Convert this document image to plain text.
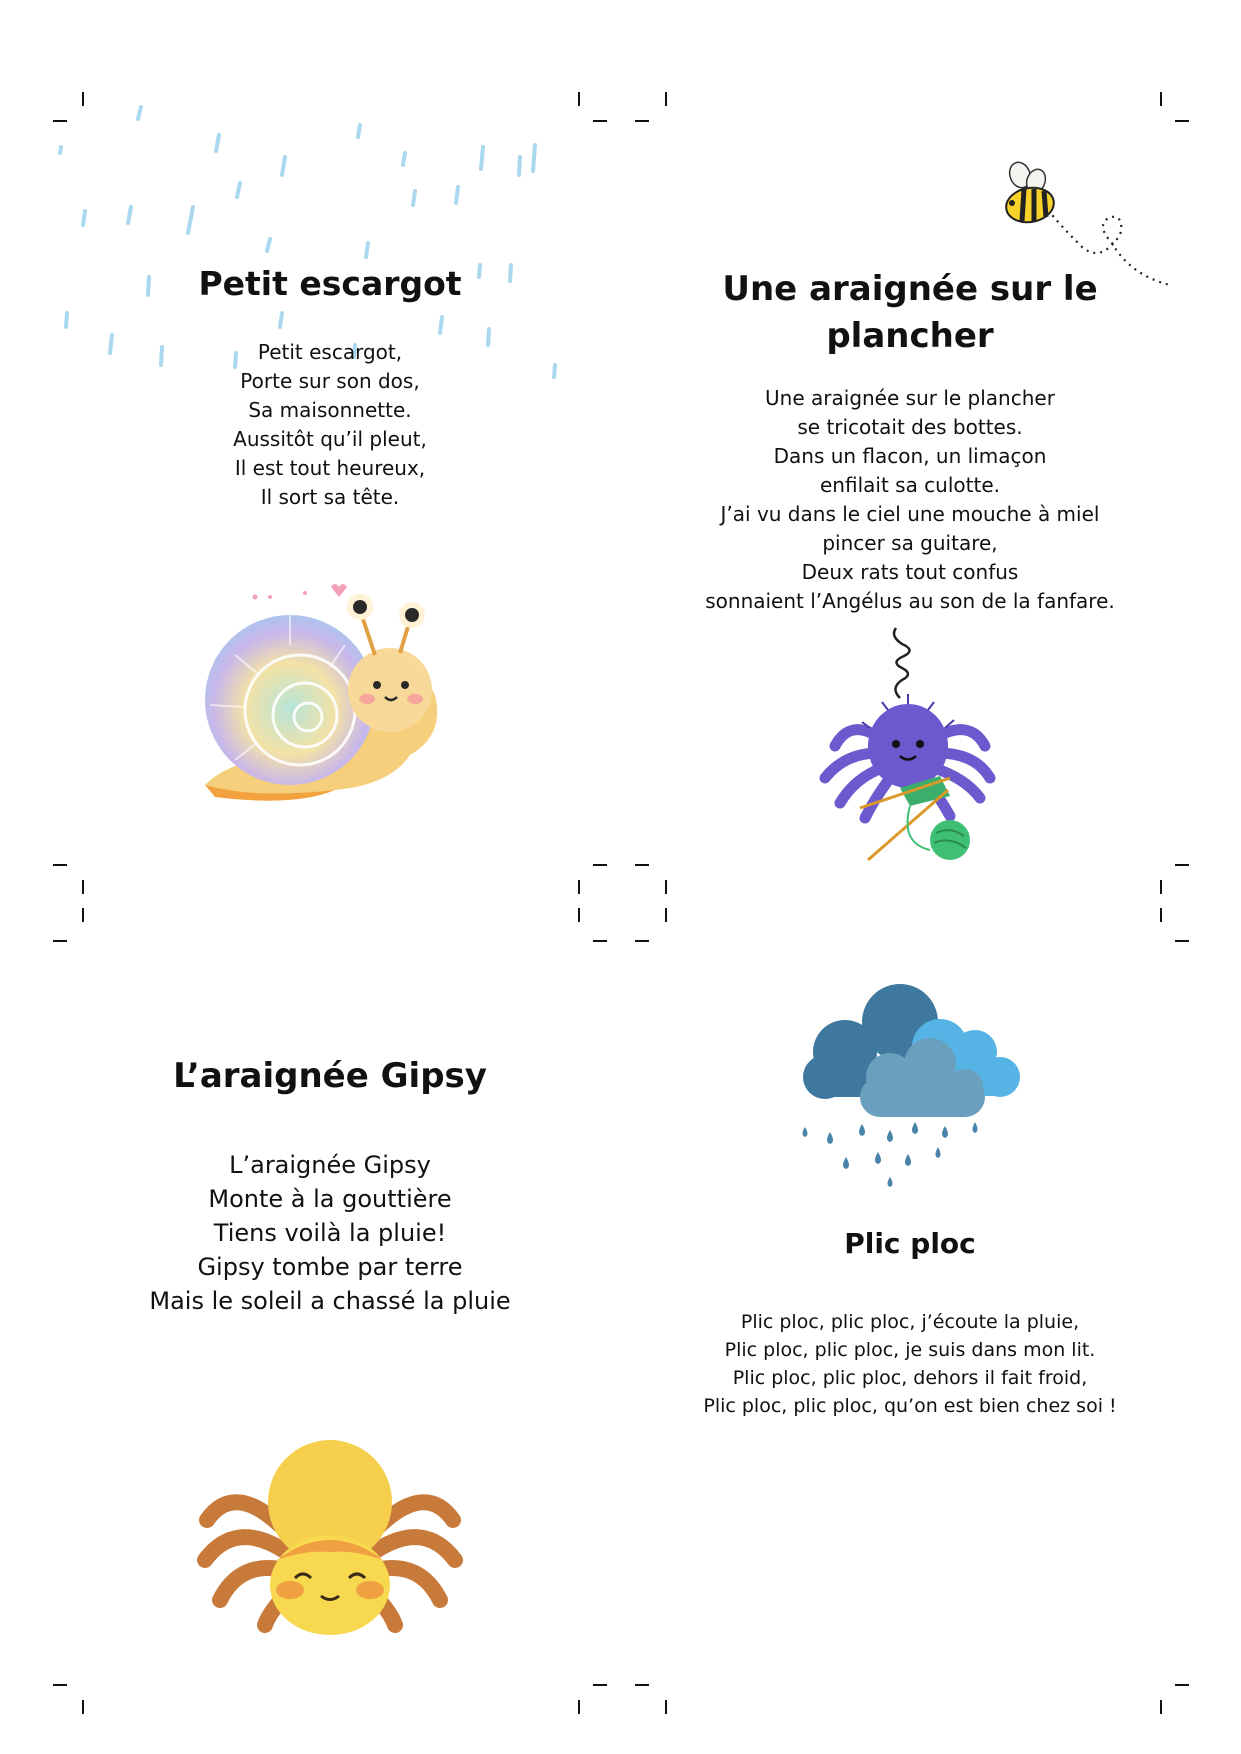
Petit escargot
Petit escargot,
Porte sur son dos,
Sa maisonnette.
Aussitôt qu’il pleut,
Il est tout heureux,
Il sort sa tête.
Une araignée sur le
plancher
Une araignée sur le plancher
se tricotait des bottes.
Dans un flacon, un limaçon
enfilait sa culotte.
J’ai vu dans le ciel une mouche à miel
pincer sa guitare,
Deux rats tout confus
sonnaient l’Angélus au son de la fanfare.
L’araignée Gipsy
L’araignée Gipsy
Monte à la gouttière
Tiens voilà la pluie!
Gipsy tombe par terre
Mais le soleil a chassé la pluie
Plic ploc
Plic ploc, plic ploc, j’écoute la pluie,
Plic ploc, plic ploc, je suis dans mon lit.
Plic ploc, plic ploc, dehors il fait froid,
Plic ploc, plic ploc, qu’on est bien chez soi !
